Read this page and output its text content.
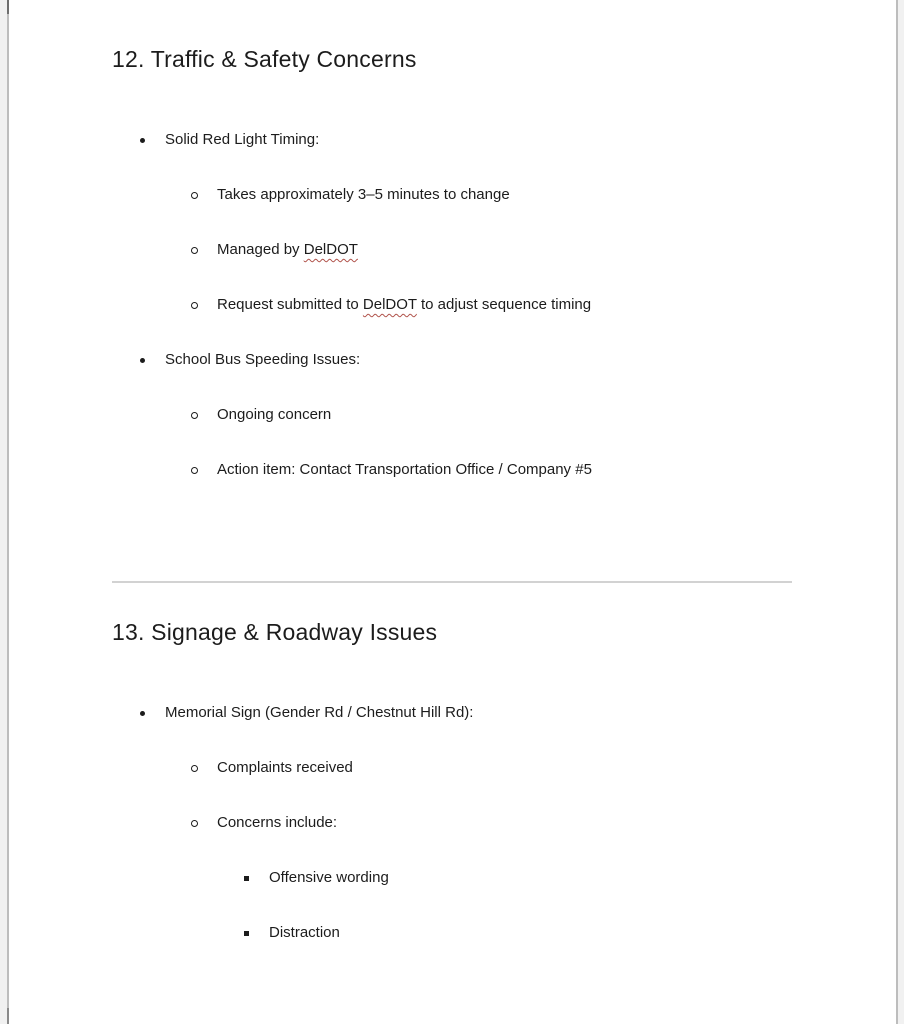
12. Traffic & Safety Concerns
Solid Red Light Timing:
Takes approximately 3–5 minutes to change
Managed by DelDOT
Request submitted to DelDOT to adjust sequence timing
School Bus Speeding Issues:
Ongoing concern
Action item: Contact Transportation Office / Company #5
13. Signage & Roadway Issues
Memorial Sign (Gender Rd / Chestnut Hill Rd):
Complaints received
Concerns include:
Offensive wording
Distraction
